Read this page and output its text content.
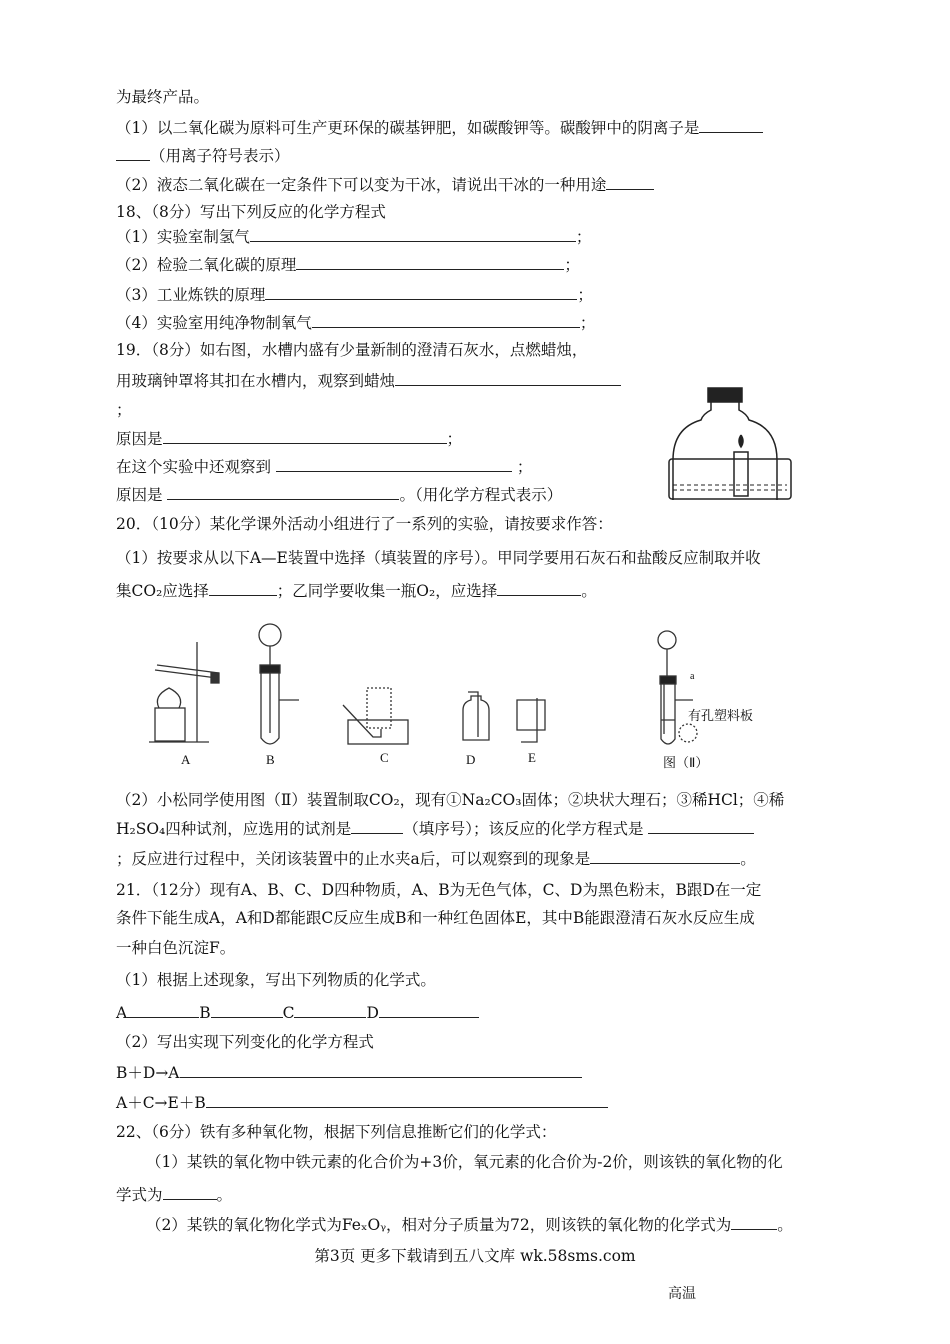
为最终产品。
（1）以二氧化碳为原料可生产更环保的碳基钾肥，如碳酸钾等。碳酸钾中的阴离子是
（用离子符号表示）
（2）液态二氧化碳在一定条件下可以变为干冰，请说出干冰的一种用途
18、（8分）写出下列反应的化学方程式
（1）实验室制氢气	；
（2）检验二氧化碳的原理	；
（3）工业炼铁的原理	；
（4）实验室用纯净物制氧气	；
19．（8分）如右图，水槽内盛有少量新制的澄清石灰水，点燃蜡烛，
用玻璃钟罩将其扣在水槽内，观察到蜡烛
；
原因是	；
在这个实验中还观察到	；
原因是	。（用化学方程式表示）
20．（10分）某化学课外活动小组进行了一系列的实验，请按要求作答：
（1）按要求从以下A—E装置中选择（填装置的序号）。甲同学要用石灰石和盐酸反应制取并收
集CO₂应选择	；乙同学要收集一瓶O₂，应选择	。
A	B	C	D	E
a
有孔塑料板
图（Ⅱ）
（2）小松同学使用图（Ⅱ）装置制取CO₂，现有①Na₂CO₃固体；②块状大理石；③稀HCl；④稀
H₂SO₄四种试剂，应选用的试剂是	（填序号）；该反应的化学方程式是
；反应进行过程中，关闭该装置中的止水夹a后，可以观察到的现象是	。
21．（12分）现有A、B、C、D四种物质，A、B为无色气体，C、D为黑色粉末，B跟D在一定
条件下能生成A，A和D都能跟C反应生成B和一种红色固体E，其中B能跟澄清石灰水反应生成
一种白色沉淀F。
（1）根据上述现象，写出下列物质的化学式。
A	B	C	D
（2）写出实现下列变化的化学方程式
B＋D→A
A＋C→E＋B
22、（6分）铁有多种氧化物，根据下列信息推断它们的化学式：
（1）某铁的氧化物中铁元素的化合价为+3价，氧元素的化合价为-2价，则该铁的氧化物的化
学式为	。
（2）某铁的氧化物化学式为FeₓOᵧ，相对分子质量为72，则该铁的氧化物的化学式为	。
第3页 更多下载请到五八文库 wk.58sms.com
高温
